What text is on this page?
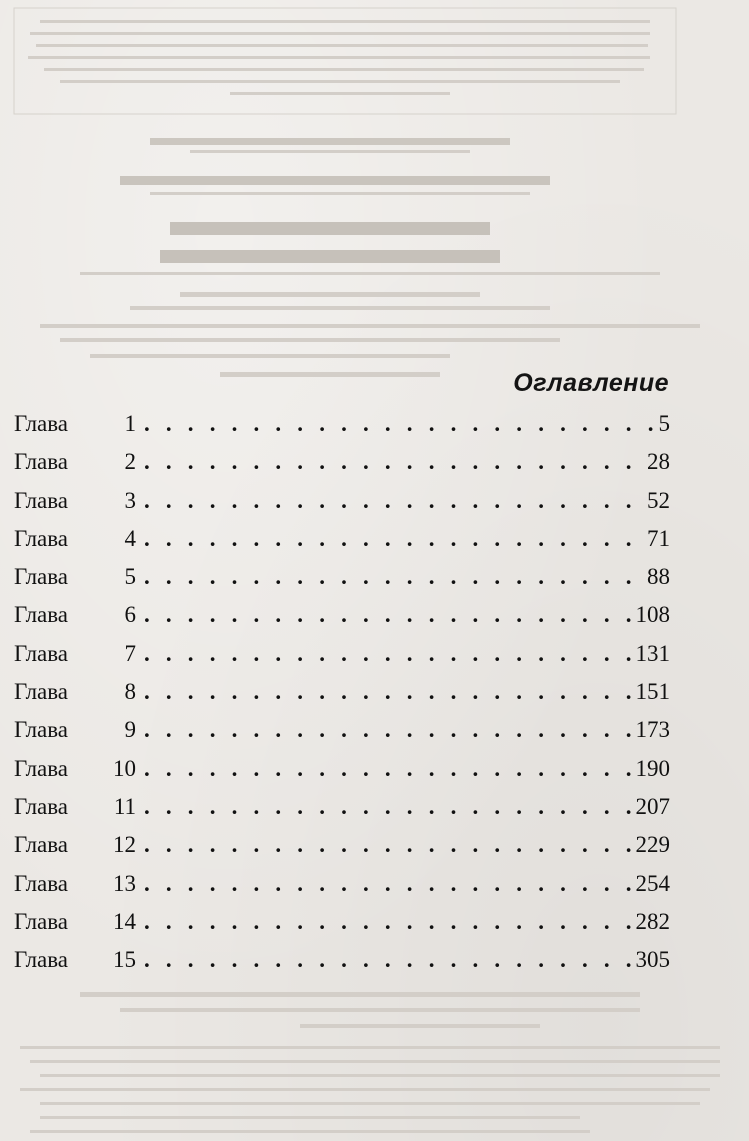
Оглавление
Глава	1 . . .	5
Глава	2 . . .	28
Глава	3 . . .	52
Глава	4 . . .	71
Глава	5 . . .	88
Глава	6 . . .	108
Глава	7 . . .	131
Глава	8 . . .	151
Глава	9 . . .	173
Глава	10 . . .	190
Глава	11 . . .	207
Глава	12 . . .	229
Глава	13 . . .	254
Глава	14 . . .	282
Глава	15 . . .	305
